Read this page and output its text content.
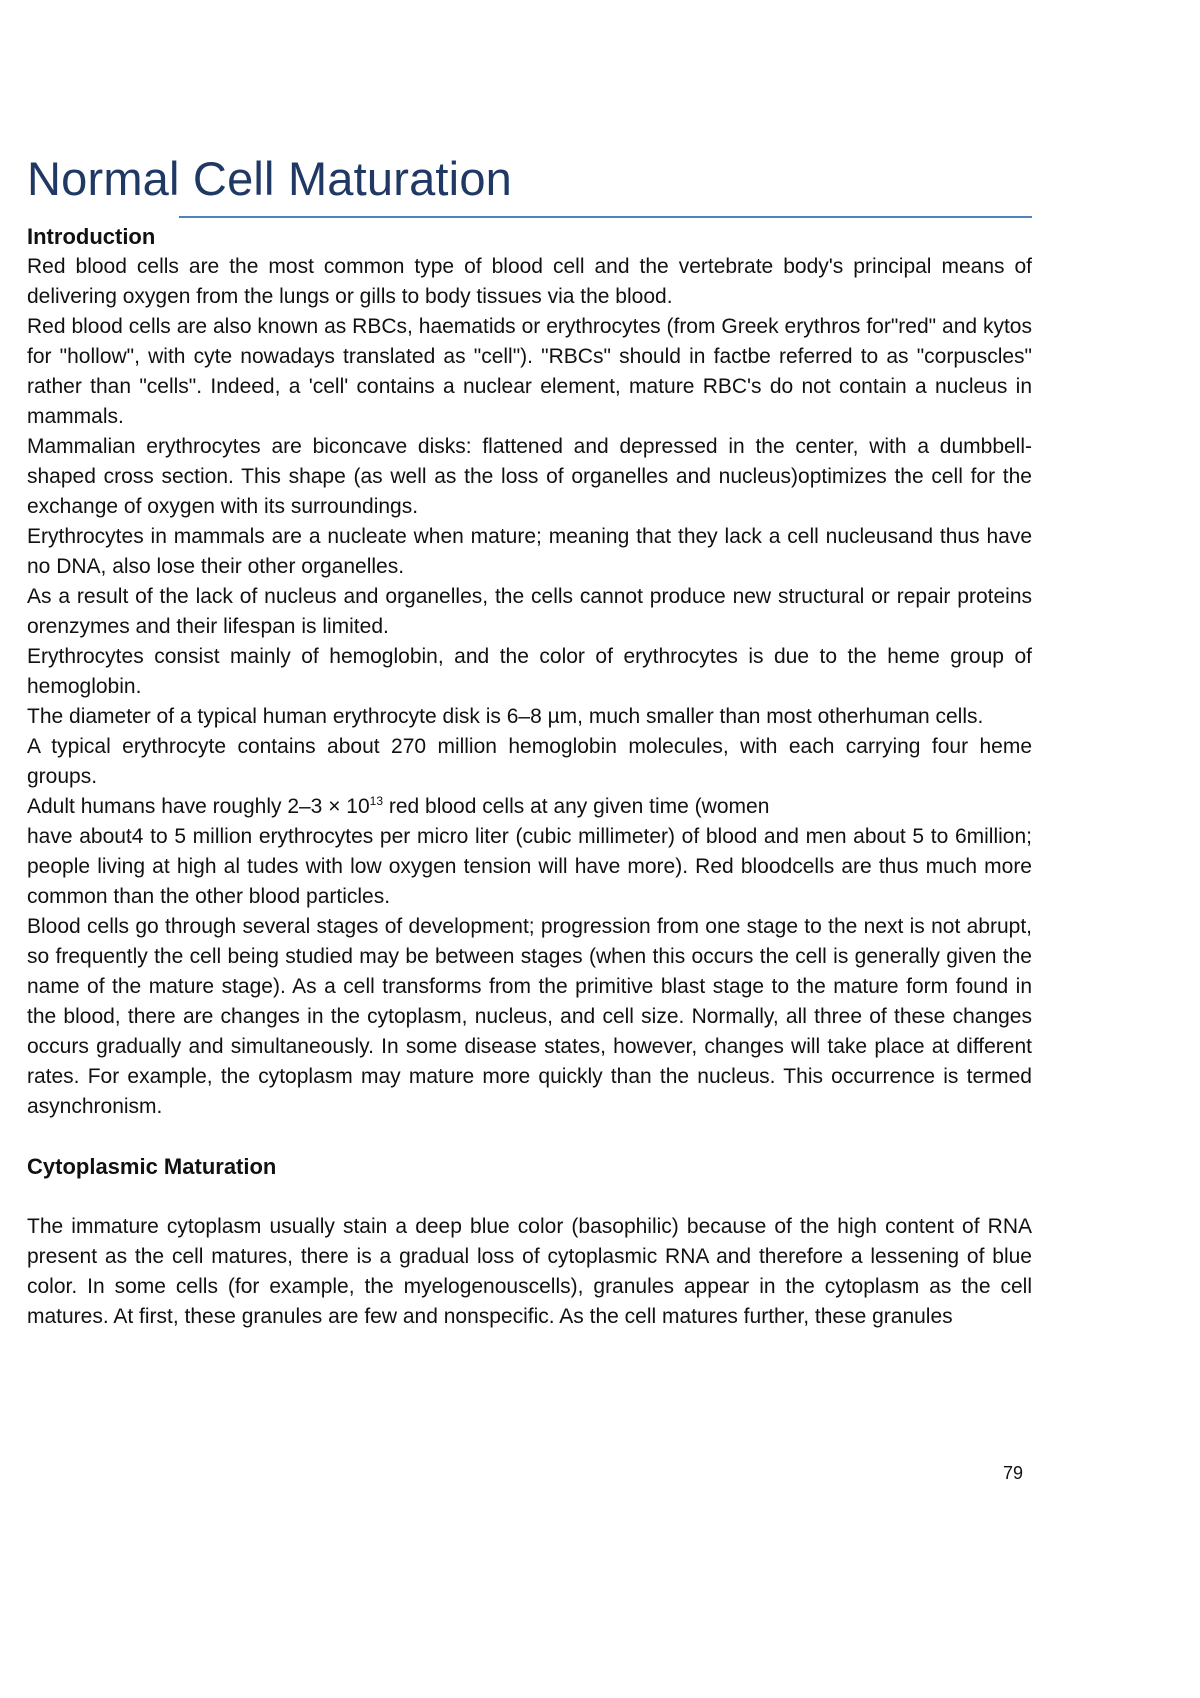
Normal Cell Maturation
Introduction

Red blood cells are the most common type of blood cell and the vertebrate body's principal means of delivering oxygen from the lungs or gills to body tissues via the blood.

Red blood cells are also known as RBCs, haematids or erythrocytes (from Greek erythros for"red" and kytos for "hollow", with cyte nowadays translated as "cell"). "RBCs" should in factbe referred to as "corpuscles" rather than "cells". Indeed, a 'cell' contains a nuclear element, mature RBC's do not contain a nucleus in mammals.

Mammalian erythrocytes are biconcave disks: flattened and depressed in the center, with a dumbbell-shaped cross section. This shape (as well as the loss of organelles and nucleus)optimizes the cell for the exchange of oxygen with its surroundings.

Erythrocytes in mammals are a nucleate when mature; meaning that they lack a cell nucleusand thus have no DNA, also lose their other organelles.

As a result of the lack of nucleus and organelles, the cells cannot produce new structural or repair proteins orenzymes and their lifespan is limited.

Erythrocytes consist mainly of hemoglobin, and the color of erythrocytes is due to the heme group of hemoglobin.

The diameter of a typical human erythrocyte disk is 6–8 µm, much smaller than most otherhuman cells.

A typical erythrocyte contains about 270 million hemoglobin molecules, with each carrying four heme groups.

Adult humans have roughly $2-3 \times 10^{13}$ red blood cells at any given time (women

have about4 to 5 million erythrocytes per micro liter (cubic millimeter) of blood and men about 5 to 6million; people living at high al tudes with low oxygen tension will have more). Red bloodcells are thus much more common than the other blood particles.

Blood cells go through several stages of development; progression from one stage to the next is not abrupt, so frequently the cell being studied may be between stages (when this occurs the cell is generally given the name of the mature stage). As a cell transforms from the primitive blast stage to the mature form found in the blood, there are changes in the cytoplasm, nucleus, and cell size. Normally, all three of these changes occurs gradually and simultaneously. In some disease states, however, changes will take place at different rates. For example, the cytoplasm may mature more quickly than the nucleus. This occurrence is termed asynchronism.

Cytoplasmic Maturation

The immature cytoplasm usually stain a deep blue color (basophilic) because of the high content of RNA present as the cell matures, there is a gradual loss of cytoplasmic RNA and therefore a lessening of blue color. In some cells (for example, the myelogenouscells), granules appear in the cytoplasm as the cell matures. At first, these granules are few and nonspecific. As the cell matures further, these granules

79
